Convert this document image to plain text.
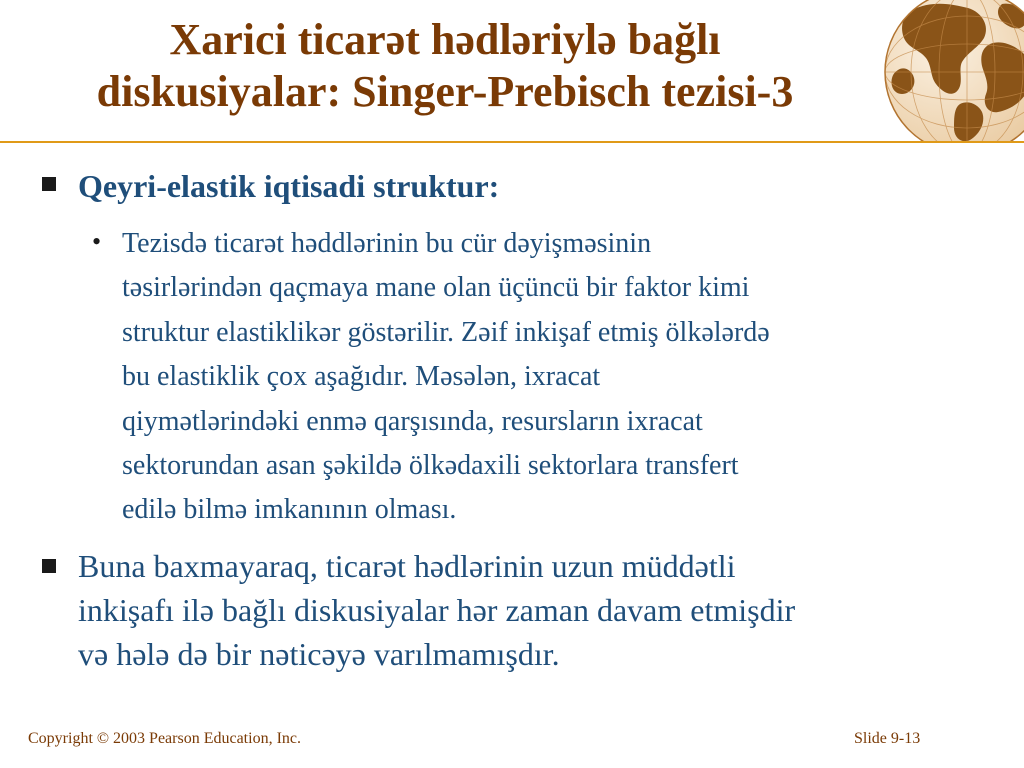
Xarici ticarət hədləriylə bağlı
diskusiyalar: Singer-Prebisch tezisi-3
Qeyri-elastik iqtisadi struktur:
• Tezisdə ticarət həddlərinin bu cür dəyişməsinin
təsirlərindən qaçmaya mane olan üçüncü bir faktor kimi
struktur elastiklikər göstərilir. Zəif inkişaf etmiş ölkələrdə
bu elastiklik çox aşağıdır. Məsələn, ixracat
qiymətlərindəki enmə qarşısında, resursların ixracat
sektorundan asan şəkildə ölkədaxili sektorlara transfert
edilə bilmə imkanının olması.
Buna baxmayaraq, ticarət hədlərinin uzun müddətli
inkişafı ilə bağlı diskusiyalar hər zaman davam etmişdir
və hələ də bir nəticəyə varılmamışdır.
Copyright © 2003 Pearson Education, Inc.	Slide 9-13
